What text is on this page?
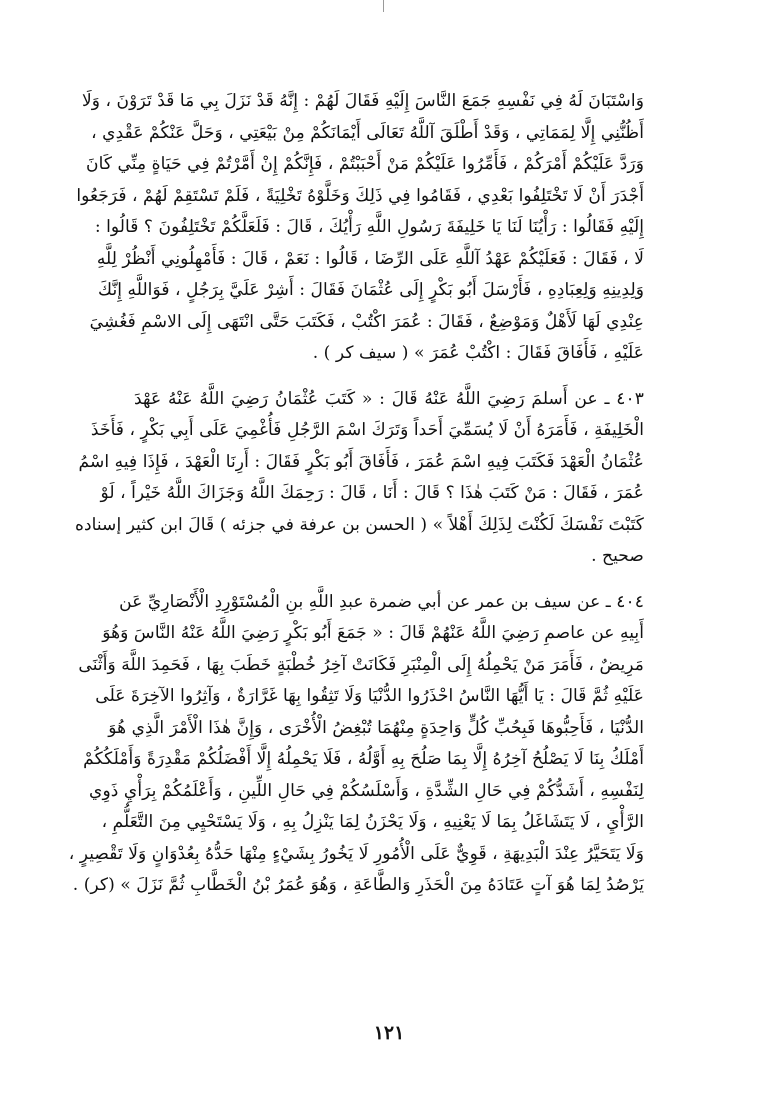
وَاسْتَبَانَ لَهُ فِي نَفْسِهِ جَمَعَ النَّاسَ إِلَيْهِ فَقَالَ لَهُمْ : إِنَّهُ قَدْ نَزَلَ بِي مَا قَدْ تَرَوْنَ ، وَلَا
أَظُنُّنِي إِلَّا لِمَمَاتِي ، وَقَدْ أَطْلَقَ آللَّهُ تَعَالَى أَيْمَانَكُمْ مِنْ بَيْعَتِي ، وَحَلَّ عَنْكُمْ عَقْدِي ،
وَرَدَّ عَلَيْكُمْ أَمْرَكُمْ ، فَأَمِّرُوا عَلَيْكُمْ مَنْ أَحْبَبْتُمْ ، فَإِنَّكُمْ إِنْ أَمَّرْتُمْ فِي حَيَاةٍ مِنِّي كَانَ
أَجْدَرَ أَنْ لَا تَخْتَلِفُوا بَعْدِي ، فَقَامُوا فِي ذَلِكَ وَخَلَّوْهُ تَخْلِيَةً ، فَلَمْ تَسْتَقِمْ لَهُمْ ، فَرَجَعُوا
إِلَيْهِ فَقَالُوا : رَأْيُنَا لَنَا يَا خَلِيفَةَ رَسُولِ اللَّهِ رَأْيُكَ ، قَالَ : فَلَعَلَّكُمْ تَخْتَلِفُونَ ؟ قَالُوا :
لَا ، فَقَالَ : فَعَلَيْكُمْ عَهْدُ آللَّهِ عَلَى الرِّضَا ، قَالُوا : نَعَمْ ، قَالَ : فَأَمْهِلُونِي أَنْظُرْ لِلَّهِ
وَلِدِينِهِ وَلِعِبَادِهِ ، فَأَرْسَلَ أَبُو بَكْرٍ إِلَى عُثْمَانَ فَقَالَ : أَشِرْ عَلَيَّ بِرَجُلٍ ، فَوَاللَّهِ إِنَّكَ
عِنْدِي لَهَا لَأَهْلٌ وَمَوْضِعٌ ، فَقَالَ : عُمَرَ اكْتُبْ ، فَكَتَبَ حَتَّى انْتَهَى إِلَى الاسْمِ فَغُشِيَ
عَلَيْهِ ، فَأَفَاقَ فَقَالَ : اكْتُبْ عُمَرَ » ( سيف كر ) .
٤٠٣ ـ عن أَسلمَ رَضِيَ اللَّهُ عَنْهُ قَالَ : « كَتَبَ عُثْمَانُ رَضِيَ اللَّهُ عَنْهُ عَهْدَ
الْخَلِيفَةِ ، فَأَمَرَهُ أَنْ لَا يُسَمِّيَ أَحَداً وَتَرَكَ اسْمَ الرَّجُلِ فَأُغْمِيَ عَلَى أَبِي بَكْرٍ ، فَأَخَذَ
عُثْمَانُ الْعَهْدَ فَكَتَبَ فِيهِ اسْمَ عُمَرَ ، فَأَفَاقَ أَبُو بَكْرٍ فَقَالَ : أَرِنَا الْعَهْدَ ، فَإِذَا فِيهِ اسْمُ
عُمَرَ ، فَقَالَ : مَنْ كَتَبَ هٰذَا ؟ قَالَ : أَنَا ، قَالَ : رَحِمَكَ اللَّهُ وَجَزَاكَ اللَّهُ خَيْراً ، لَوْ
كَتَبْتَ نَفْسَكَ لَكُنْتَ لِذَلِكَ أَهْلاً » ( الحسن بن عرفة في جزئه ) قَالَ ابن كثير إسناده
صحيح .
٤٠٤ ـ عن سيف بن عمر عن أبي ضمرة عبدِ اللَّهِ بنِ الْمُسْتَوْرِدِ الْأَنْصَارِيِّ عَن
أَبِيهِ عن عاصمِ رَضِيَ اللَّهُ عَنْهُمْ قَالَ : « جَمَعَ أَبُو بَكْرٍ رَضِيَ اللَّهُ عَنْهُ النَّاسَ وَهُوَ
مَرِيضٌ ، فَأَمَرَ مَنْ يَحْمِلُهُ إِلَى الْمِنْبَرِ فَكَانَتْ آخِرُ خُطْبَةٍ خَطَبَ بِهَا ، فَحَمِدَ اللَّهَ وَأَثْنَى
عَلَيْهِ ثُمَّ قَالَ : يَا أَيُّهَا النَّاسُ احْذَرُوا الدُّنْيَا وَلَا تَثِقُوا بِهَا غَرَّارَةٌ ، وَآثِرُوا الآخِرَةَ عَلَى
الدُّنْيَا ، فَأَحِبُّوهَا فَبِحُبِّ كُلٍّ وَاحِدَةٍ مِنْهُمَا تُبْغِضُ الْأُخْرَى ، وَإِنَّ هٰذَا الْأَمْرَ الَّذِي هُوَ
أَمْلَكُ بِنَا لَا يَصْلُحُ آخِرُهُ إِلَّا بِمَا صَلُحَ بِهِ أَوَّلُهُ ، فَلَا يَحْمِلُهُ إِلَّا أَفْضَلُكُمْ مَقْدِرَةً وَأَمْلَكُكُمْ
لِنَفْسِهِ ، أَشَدُّكُمْ فِي حَالِ الشِّدَّةِ ، وَأَسْلَسُكُمْ فِي حَالِ اللِّينِ ، وَأَعْلَمُكُمْ بِرَأْيِ ذَوِي
الرَّأْيِ ، لَا يَتَشَاغَلُ بِمَا لَا يَعْنِيهِ ، وَلَا يَحْزَنُ لِمَا يَنْزِلُ بِهِ ، وَلَا يَسْتَحْيِي مِنَ التَّعَلُّمِ ،
وَلَا يَتَحَيَّرُ عِنْدَ الْبَدِيهَةِ ، قَوِيٌّ عَلَى الْأُمُورِ لَا يَخُورُ بِشَيْءٍ مِنْهَا حَدُّهُ بِعُدْوَانٍ وَلَا تَقْصِيرٍ ،
يَرْصُدُ لِمَا هُوَ آتٍ عَتَادَهُ مِنَ الْحَذَرِ وَالطَّاعَةِ ، وَهُوَ عُمَرُ بْنُ الْخَطَّابِ ثُمَّ نَزَلَ » (كر) .
١٢١
